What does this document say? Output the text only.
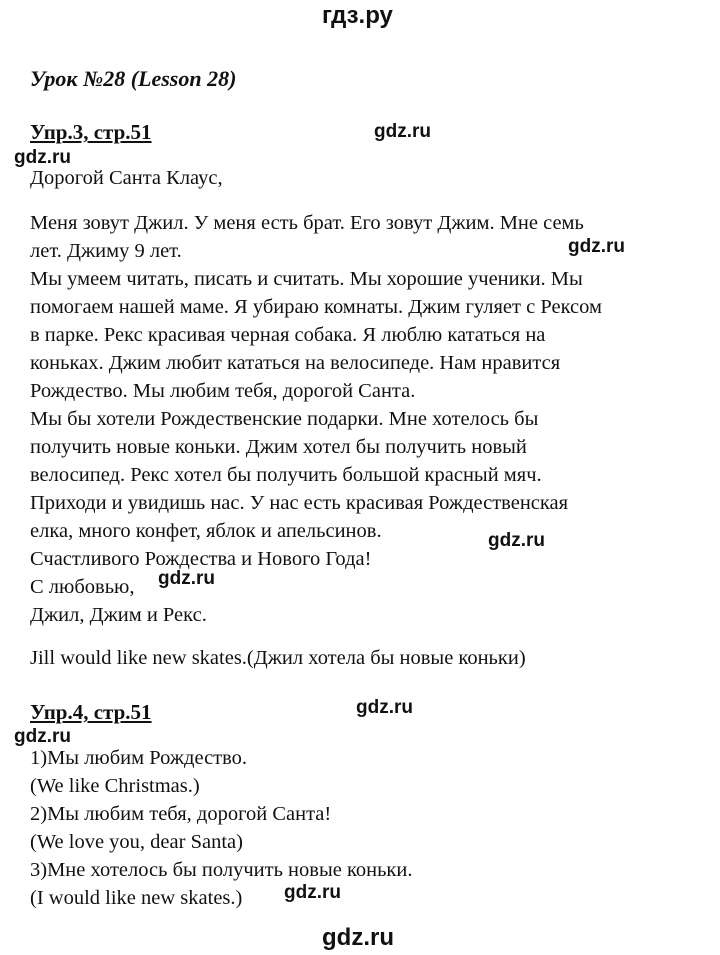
гдз.ру
Урок №28 (Lesson 28)
Упр.3, стр.51	gdz.ru
gdz.ru
Дорогой Санта Клаус,
Меня зовут Джил. У меня есть брат. Его зовут Джим. Мне семь
лет. Джиму 9 лет.	gdz.ru
Мы умеем читать, писать и считать. Мы хорошие ученики. Мы
помогаем нашей маме. Я убираю комнаты. Джим гуляет с Рексом
в парке. Рекс красивая черная собака. Я люблю кататься на
коньках. Джим любит кататься на велосипеде. Нам нравится
Рождество. Мы любим тебя, дорогой Санта.
Мы бы хотели Рождественские подарки. Мне хотелось бы
получить новые коньки. Джим хотел бы получить новый
велосипед. Рекс хотел бы получить большой красный мяч.
Приходи и увидишь нас. У нас есть красивая Рождественская
елка, много конфет, яблок и апельсинов.
Счастливого Рождества и Нового Года!
gdz.ru
С любовью, gdz.ru
Джил, Джим и Рекс.
Jill would like new skates.(Джил хотела бы новые коньки)
Упр.4, стр.51	gdz.ru
gdz.ru
1)Мы любим Рождество.
(We like Christmas.)
2)Мы любим тебя, дорогой Санта!
(We love you, dear Santa)
3)Мне хотелось бы получить новые коньки.
(I would like new skates.) gdz.ru
gdz.ru
